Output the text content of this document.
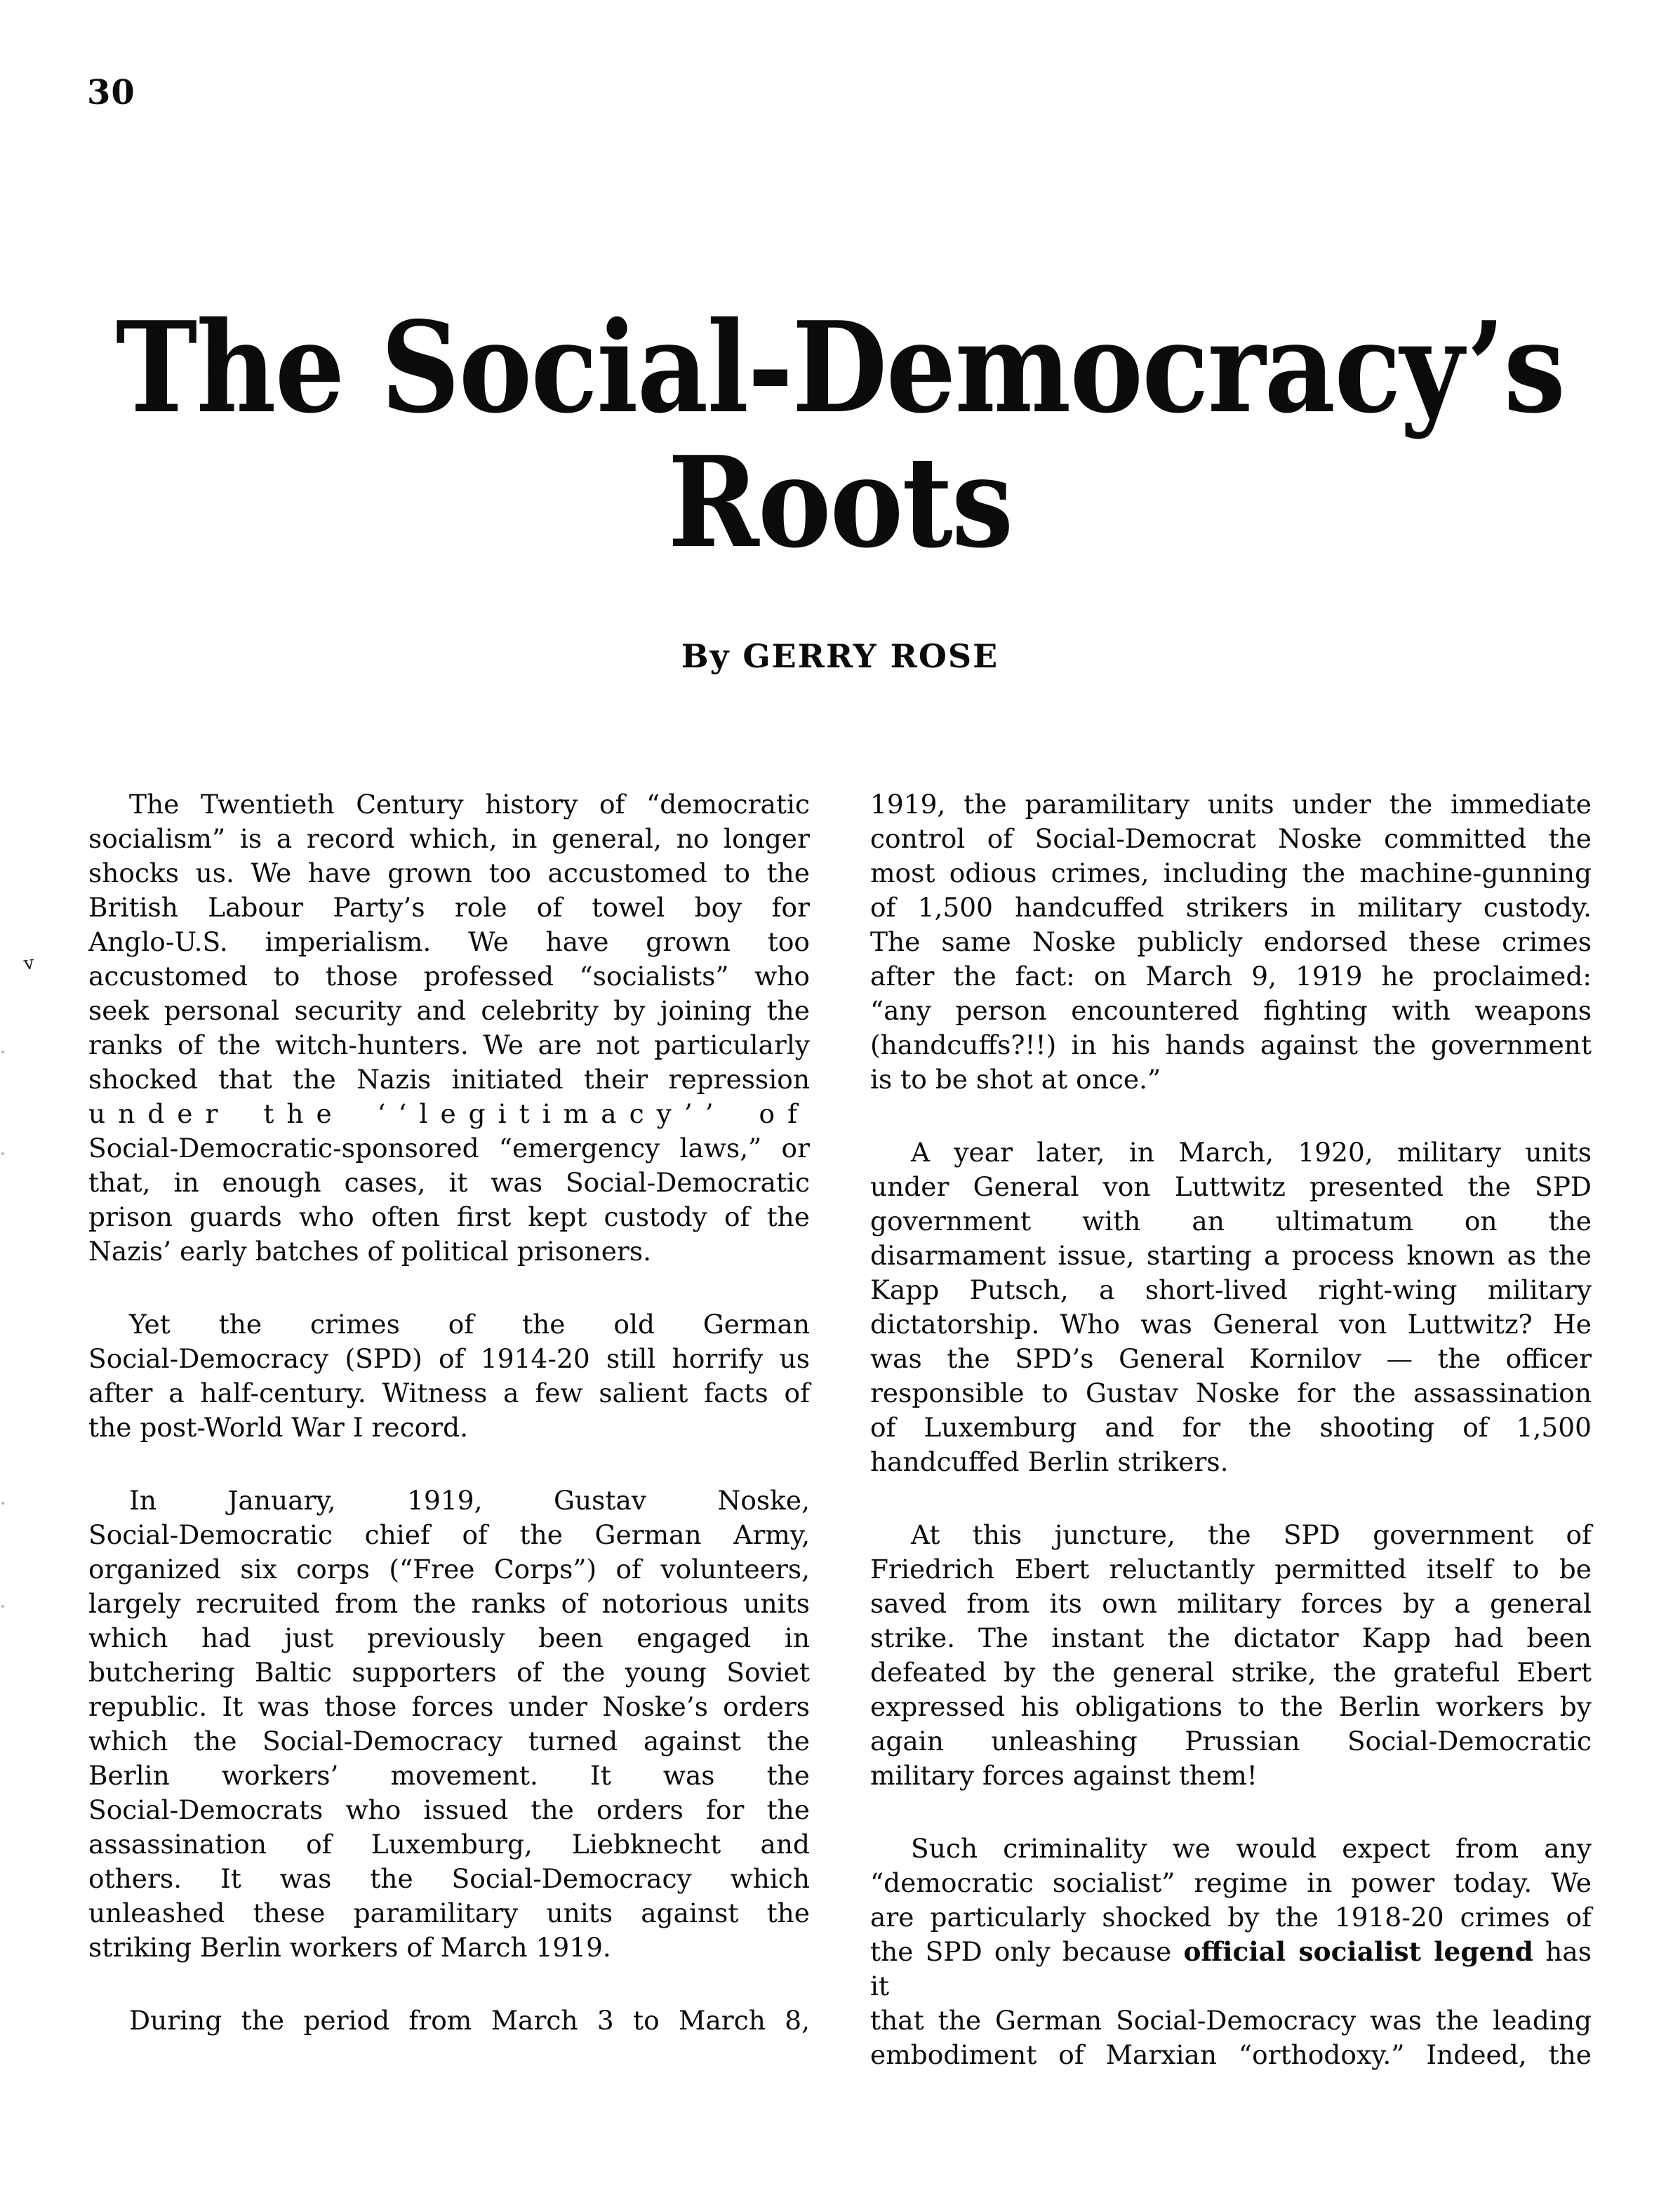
30
The Social-Democracy’s
Roots
By GERRY ROSE
v
The Twentieth Century history of “democratic
socialism” is a record which, in general, no longer
shocks us. We have grown too accustomed to the
British Labour Party’s role of towel boy for
Anglo-U.S. imperialism. We have grown too
accustomed to those professed “socialists” who
seek personal security and celebrity by joining the
ranks of the witch-hunters. We are not particularly
shocked that the Nazis initiated their repression
under the ‘‘legitimacy’’ of
Social-Democratic-sponsored “emergency laws,” or
that, in enough cases, it was Social-Democratic
prison guards who often first kept custody of the
Nazis’ early batches of political prisoners.
Yet the crimes of the old German
Social-Democracy (SPD) of 1914-20 still horrify us
after a half-century. Witness a few salient facts of
the post-World War I record.
In January, 1919, Gustav Noske,
Social-Democratic chief of the German Army,
organized six corps (“Free Corps”) of volunteers,
largely recruited from the ranks of notorious units
which had just previously been engaged in
butchering Baltic supporters of the young Soviet
republic. It was those forces under Noske’s orders
which the Social-Democracy turned against the
Berlin workers’ movement. It was the
Social-Democrats who issued the orders for the
assassination of Luxemburg, Liebknecht and
others. It was the Social-Democracy which
unleashed these paramilitary units against the
striking Berlin workers of March 1919.
During the period from March 3 to March 8,
1919, the paramilitary units under the immediate
control of Social-Democrat Noske committed the
most odious crimes, including the machine-gunning
of 1,500 handcuffed strikers in military custody.
The same Noske publicly endorsed these crimes
after the fact: on March 9, 1919 he proclaimed:
“any person encountered fighting with weapons
(handcuffs?!!) in his hands against the government
is to be shot at once.”
A year later, in March, 1920, military units
under General von Luttwitz presented the SPD
government with an ultimatum on the
disarmament issue, starting a process known as the
Kapp Putsch, a short-lived right-wing military
dictatorship. Who was General von Luttwitz? He
was the SPD’s General Kornilov — the officer
responsible to Gustav Noske for the assassination
of Luxemburg and for the shooting of 1,500
handcuffed Berlin strikers.
At this juncture, the SPD government of
Friedrich Ebert reluctantly permitted itself to be
saved from its own military forces by a general
strike. The instant the dictator Kapp had been
defeated by the general strike, the grateful Ebert
expressed his obligations to the Berlin workers by
again unleashing Prussian Social-Democratic
military forces against them!
Such criminality we would expect from any
“democratic socialist” regime in power today. We
are particularly shocked by the 1918-20 crimes of
the SPD only because official socialist legend has it
that the German Social-Democracy was the leading
embodiment of Marxian “orthodoxy.” Indeed, the
